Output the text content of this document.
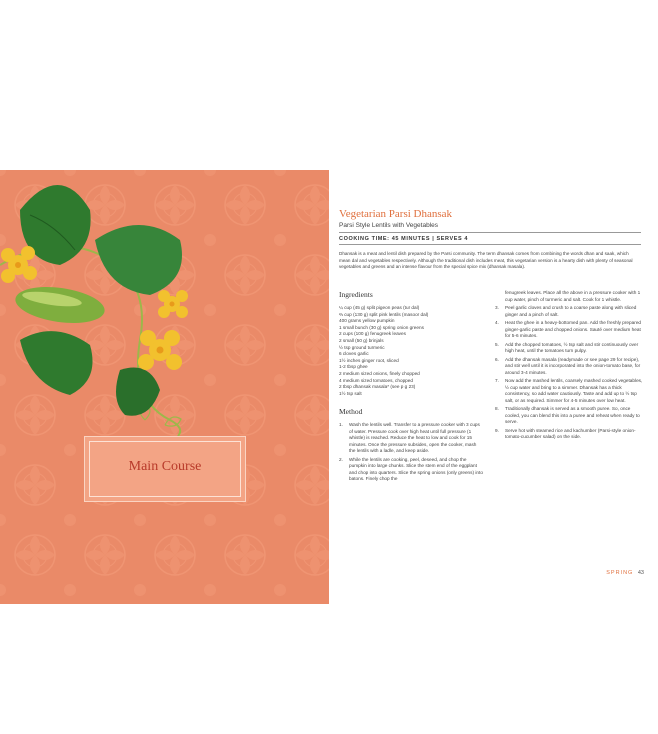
Main Course
Vegetarian Parsi Dhansak
Parsi Style Lentils with Vegetables
COOKING TIME: 45 MINUTES | SERVES 4
Dhansak is a meat and lentil dish prepared by the Parsi community. The term dhansak comes from combining the words dhan and saak, which mean dal and vegetables respectively. Although the traditional dish includes meat, this vegetarian version is a hearty dish with plenty of seasonal vegetables and greens and an intense flavour from the special spice mix (dhansak masala).
Ingredients
¼ cup (45 g) split pigeon peas (tur dal)
⅔ cup (130 g) split pink lentils (masoor dal)
400 grams yellow pumpkin
1 small bunch (30 g) spring onion greens
2 cups (100 g) fenugreek leaves
2 small (50 g) brinjals
½ tsp ground turmeric
6 cloves garlic
1½ inches ginger root, sliced
1-2 tbsp ghee
2 medium sized onions, finely chopped
4 medium sized tomatoes, chopped
2 tbsp dhansak masala* (see p g 23)
1½ tsp salt
Method
1. Wash the lentils well. Transfer to a pressure cooker with 3 cups of water. Pressure cook over high heat until full pressure (1 whistle) is reached. Reduce the heat to low and cook for 15 minutes. Once the pressure subsides, open the cooker, mash the lentils with a ladle, and keep aside.
2. While the lentils are cooking, peel, deseed, and chop the pumpkin into large chunks. Slice the stem end of the eggplant and chop into quarters. Slice the spring onions (only greens) into batons. Finely chop the
fenugreek leaves. Place all the above in a pressure cooker with 1 cup water, pinch of turmeric and salt. Cook for 1 whistle.
3. Peel garlic cloves and crush to a coarse paste along with sliced ginger and a pinch of salt.
4. Heat the ghee in a heavy-bottomed pan. Add the freshly prepared ginger-garlic paste and chopped onions. Sauté over medium heat for 5-6 minutes.
5. Add the chopped tomatoes, ½ tsp salt and stir continuously over high heat, until the tomatoes turn pulpy.
6. Add the dhansak masala (readymade or see page 29 for recipe), and stir well until it is incorporated into the onion-tomato base, for around 3-4 minutes.
7. Now add the mashed lentils, coarsely mashed cooked vegetables, ½ cup water and bring to a simmer. Dhansak has a thick consistency, so add water cautiously. Taste and add up to ½ tsp salt, or as required. Simmer for 4-5 minutes over low heat.
8. Traditionally dhansak is served as a smooth puree. So, once cooled, you can blend this into a puree and reheat when ready to serve.
9. Serve hot with steamed rice and kachumber (Parsi-style onion-tomato-cucumber salad) on the side.
SPRING 43
